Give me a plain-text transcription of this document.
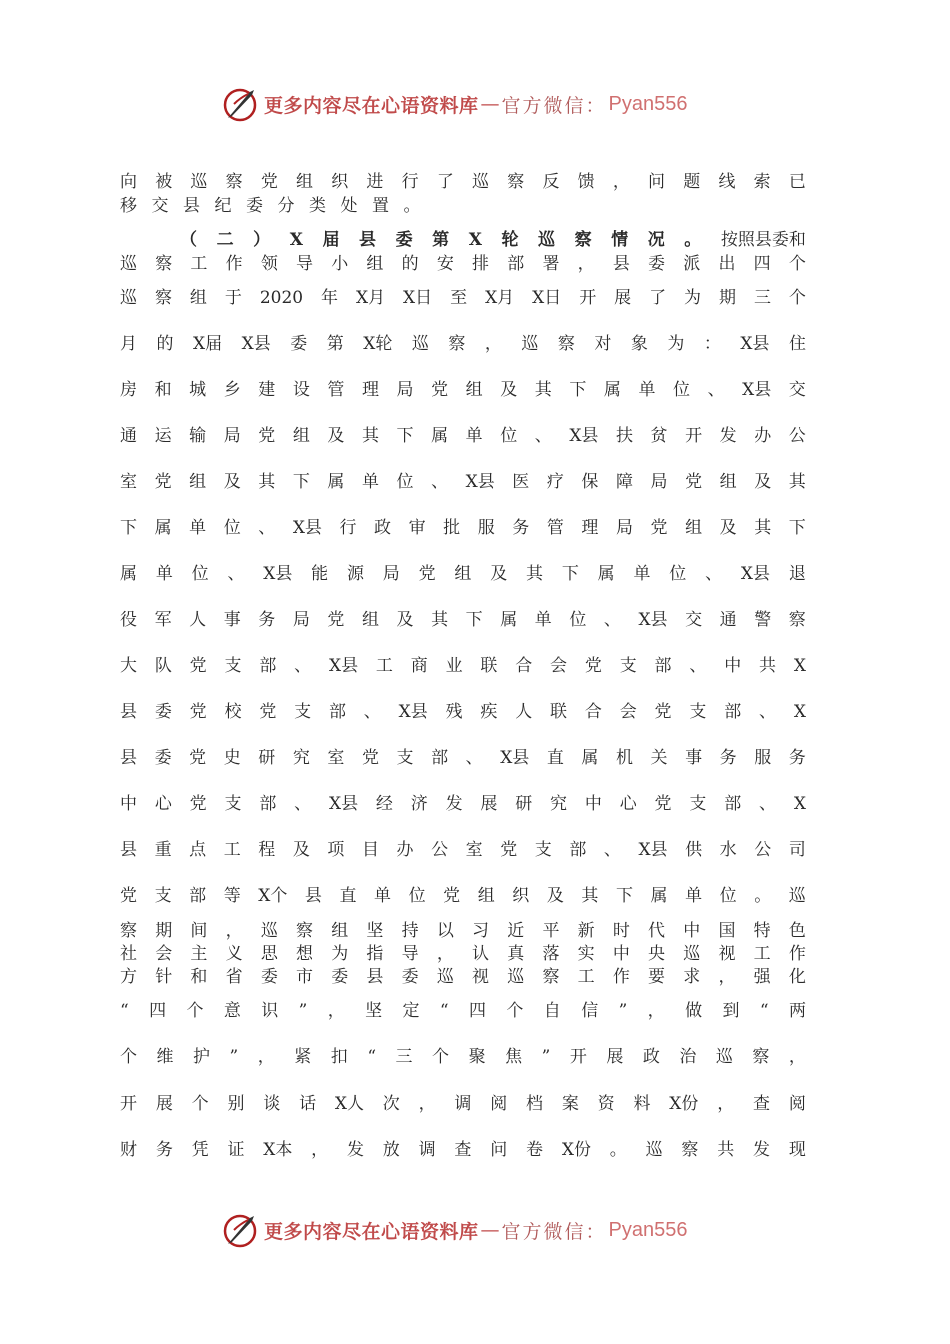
更多内容尽在心语资料库 — 官方微信： Pyan556
向 被 巡 察 党 组 织 进 行 了 巡 察 反 馈 ， 问 题 线 索 已
移交县纪委分类处置。
（ 二 ） X 届 县 委 第 X 轮 巡 察 情 况 。 按照县委和
巡 察 工 作 领 导 小 组 的 安 排 部 署 ， 县 委 派 出 四 个
巡 察 组 于 2020 年 X月 X日 至 X月 X日 开 展 了 为 期 三 个
月 的 X届 X县 委 第 X轮 巡 察 ， 巡 察 对 象 为 ： X县 住
房 和 城 乡 建 设 管 理 局 党 组 及 其 下 属 单 位 、 X县 交
通 运 输 局 党 组 及 其 下 属 单 位 、 X县 扶 贫 开 发 办 公
室 党 组 及 其 下 属 单 位 、 X县 医 疗 保 障 局 党 组 及 其
下 属 单 位 、 X县 行 政 审 批 服 务 管 理 局 党 组 及 其 下
属 单 位 、 X县 能 源 局 党 组 及 其 下 属 单 位 、 X县 退
役 军 人 事 务 局 党 组 及 其 下 属 单 位 、 X县 交 通 警 察
大 队 党 支 部 、 X县 工 商 业 联 合 会 党 支 部 、 中 共 X
县 委 党 校 党 支 部 、 X县 残 疾 人 联 合 会 党 支 部 、 X
县 委 党 史 研 究 室 党 支 部 、 X县 直 属 机 关 事 务 服 务
中 心 党 支 部 、 X县 经 济 发 展 研 究 中 心 党 支 部 、 X
县 重 点 工 程 及 项 目 办 公 室 党 支 部 、 X县 供 水 公 司
党 支 部 等 X个 县 直 单 位 党 组 织 及 其 下 属 单 位 。 巡
察 期 间 ， 巡 察 组 坚 持 以 习 近 平 新 时 代 中 国 特 色
社 会 主 义 思 想 为 指 导 ， 认 真 落 实 中 央 巡 视 工 作
方 针 和 省 委 市 委 县 委 巡 视 巡 察 工 作 要 求 ， 强 化
“ 四 个 意 识 ” ， 坚 定 “ 四 个 自 信 ” ， 做 到 “ 两
个 维 护 ” ， 紧 扣 “ 三 个 聚 焦 ” 开 展 政 治 巡 察 ，
开 展 个 别 谈 话 X人 次 ， 调 阅 档 案 资 料 X份 ， 查 阅
财 务 凭 证 X本 ， 发 放 调 查 问 卷 X份 。 巡 察 共 发 现
更多内容尽在心语资料库 — 官方微信： Pyan556
